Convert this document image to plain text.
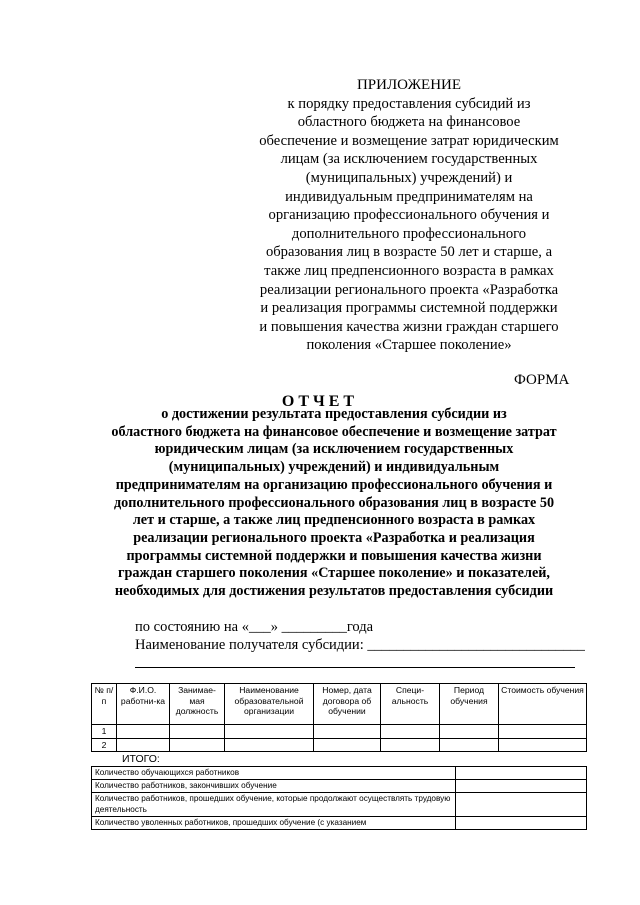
ПРИЛОЖЕНИЕ
к порядку предоставления субсидий из
областного бюджета на финансовое
обеспечение и возмещение затрат юридическим
лицам (за исключением государственных
(муниципальных) учреждений) и
индивидуальным предпринимателям на
организацию профессионального обучения и
дополнительного профессионального
образования лиц в возрасте 50 лет и старше, а
также лиц предпенсионного возраста в рамках
реализации регионального проекта «Разработка
и реализация программы системной поддержки
и повышения качества жизни граждан старшего
поколения «Старшее поколение»
ФОРМА
ОТЧЕТ
о достижении результата предоставления субсидии из
областного бюджета на финансовое обеспечение и возмещение затрат
юридическим лицам (за исключением государственных
(муниципальных) учреждений) и индивидуальным
предпринимателям на организацию профессионального обучения и
дополнительного профессионального образования лиц в возрасте 50
лет и старше, а также лиц предпенсионного возраста в рамках
реализации регионального проекта «Разработка и реализация
программы системной поддержки и повышения качества жизни
граждан старшего поколения «Старшее поколение» и показателей,
необходимых для достижения результатов предоставления субсидии
по состоянию на «___» _________года
Наименование получателя субсидии: ______________________________
№ п/п	Ф.И.О. работни-ка	Занимае-мая должность	Наименование образовательной организации	Номер, дата договора об обучении	Специ-альность	Период обучения	Стоимость обучения
1							
2							
ИТОГО:
Количество обучающихся работников	
Количество работников, закончивших обучение	
Количество работников, прошедших обучение, которые продолжают осуществлять трудовую деятельность	
Количество уволенных работников, прошедших обучение (с указанием	
